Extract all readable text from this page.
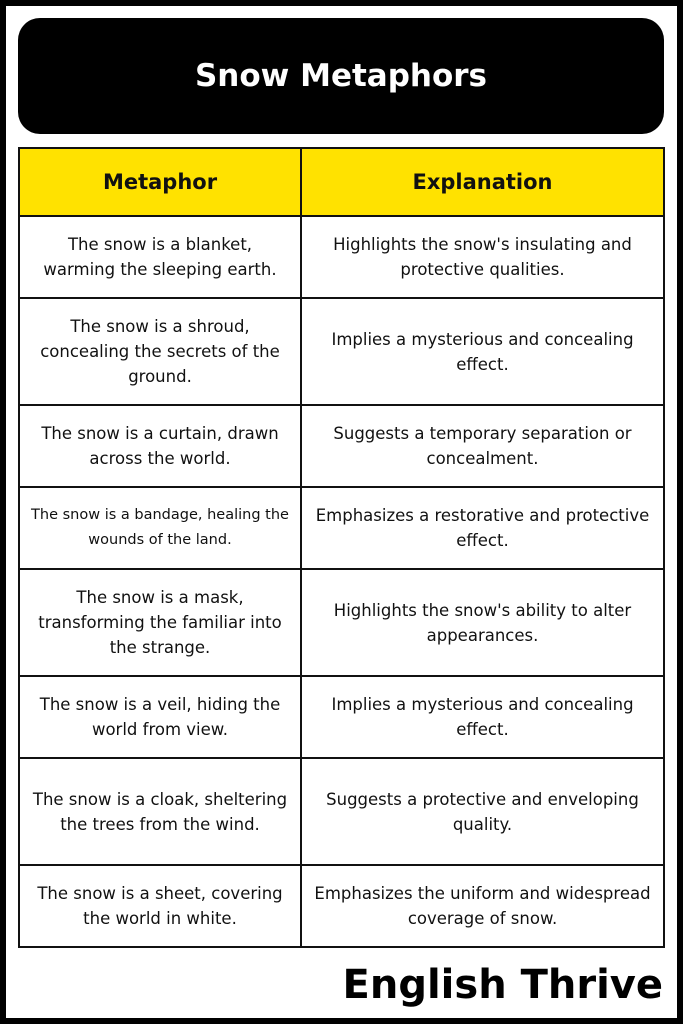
Snow Metaphors
Metaphor	Explanation
The snow is a blanket, warming the sleeping earth.	Highlights the snow's insulating and protective qualities.
The snow is a shroud, concealing the secrets of the ground.	Implies a mysterious and concealing effect.
The snow is a curtain, drawn across the world.	Suggests a temporary separation or concealment.
The snow is a bandage, healing the wounds of the land.	Emphasizes a restorative and protective effect.
The snow is a mask, transforming the familiar into the strange.	Highlights the snow's ability to alter appearances.
The snow is a veil, hiding the world from view.	Implies a mysterious and concealing effect.
The snow is a cloak, sheltering the trees from the wind.	Suggests a protective and enveloping quality.
The snow is a sheet, covering the world in white.	Emphasizes the uniform and widespread coverage of snow.
English Thrive
